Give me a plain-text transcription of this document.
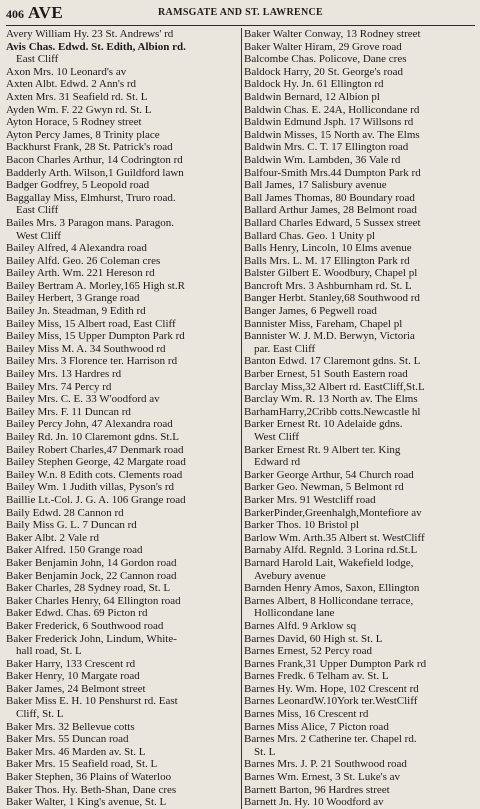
406 AVE	RAMSGATE AND ST. LAWRENCE
Avery William Hy. 23 St. Andrews' rd
Avis Chas. Edwd. St. Edith, Albion rd.
East Cliff
Axon Mrs. 10 Leonard's av
Axten Albt. Edwd. 2 Ann's rd
Axten Mrs. 31 Seafield rd. St. L
Ayden Wm. F. 22 Gwyn rd. St. L
Ayton Horace, 5 Rodney street
Ayton Percy James, 8 Trinity place
Backhurst Frank, 28 St. Patrick's road
Bacon Charles Arthur, 14 Codrington rd
Badderly Arth. Wilson,1 Guildford lawn
Badger Godfrey, 5 Leopold road
Baggallay Miss, Elmhurst, Truro road.
East Cliff
Bailes Mrs. 3 Paragon mans. Paragon.
West Cliff
Bailey Alfred, 4 Alexandra road
Bailey Alfd. Geo. 26 Coleman cres
Bailey Arth. Wm. 221 Hereson rd
Bailey Bertram A. Morley,165 High st.R
Bailey Herbert, 3 Grange road
Bailey Jn. Steadman, 9 Edith rd
Bailey Miss, 15 Albert road, East Cliff
Bailey Miss, 15 Upper Dumpton Park rd
Bailey Miss M. A. 34 Southwood rd
Bailey Mrs. 3 Florence ter. Harrison rd
Bailey Mrs. 13 Hardres rd
Bailey Mrs. 74 Percy rd
Bailey Mrs. C. E. 33 W'oodford av
Bailey Mrs. F. 11 Duncan rd
Bailey Percy John, 47 Alexandra road
Bailey Rd. Jn. 10 Claremont gdns. St.L
Bailey Robert Charles,47 Denmark road
Bailey Stephen George, 42 Margate road
Bailey W.n. 8 Edith cots. Clements road
Bailey Wm. 1 Judith villas, Pyson's rd
Baillie Lt.-Col. J. G. A. 106 Grange road
Baily Edwd. 28 Cannon rd
Baily Miss G. L. 7 Duncan rd
Baker Albt. 2 Vale rd
Baker Alfred. 150 Grange road
Baker Benjamin John, 14 Gordon road
Baker Benjamin Jock, 22 Cannon road
Baker Charles, 28 Sydney road, St. L
Baker Charles Henry, 64 Ellington road
Baker Edwd. Chas. 69 Picton rd
Baker Frederick, 6 Southwood road
Baker Frederick John, Lindum, White-
hall road, St. L
Baker Harry, 133 Crescent rd
Baker Henry, 10 Margate road
Baker James, 24 Belmont street
Baker Miss E. H. 10 Penshurst rd. East
Cliff, St. L
Baker Mrs. 32 Bellevue cotts
Baker Mrs. 55 Duncan road
Baker Mrs. 46 Marden av. St. L
Baker Mrs. 15 Seafield road, St. L
Baker Stephen, 36 Plains of Waterloo
Baker Thos. Hy. Beth-Shan, Dane cres
Baker Walter, 1 King's avenue, St. L
Baker Walter Conway, 13 Rodney street
Baker Walter Hiram, 29 Grove road
Balcombe Chas. Policove, Dane cres
Baldock Harry, 20 St. George's road
Baldock Hy. Jn. 61 Ellington rd
Baldwin Bernard, 12 Albion pl
Baldwin Chas. E. 24A, Hollicondane rd
Baldwin Edmund Jsph. 17 Willsons rd
Baldwin Misses, 15 North av. The Elms
Baldwin Mrs. C. T. 17 Ellington road
Baldwin Wm. Lambden, 36 Vale rd
Balfour-Smith Mrs.44 Dumpton Park rd
Ball James, 17 Salisbury avenue
Ball James Thomas, 80 Boundary road
Ballard Arthur James, 28 Belmont road
Ballard Charles Edward, 5 Sussex street
Ballard Chas. Geo. 1 Unity pl
Balls Henry, Lincoln, 10 Elms avenue
Balls Mrs. L. M. 17 Ellington Park rd
Balster Gilbert E. Woodbury, Chapel pl
Bancroft Mrs. 3 Ashburnham rd. St. L
Banger Herbt. Stanley,68 Southwood rd
Banger James, 6 Pegwell road
Bannister Miss, Fareham, Chapel pl
Bannister W. J. M.D. Berwyn, Victoria
par. East Cliff
Banton Edwd. 17 Claremont gdns. St. L
Barber Ernest, 51 South Eastern road
Barclay Miss,32 Albert rd. EastCliff,St.L
Barclay Wm. R. 13 North av. The Elms
BarhamHarry,2Cribb cotts.Newcastle hl
Barker Ernest Rt. 10 Adelaide gdns.
West Cliff
Barker Ernest Rt. 9 Albert ter. King
Edward rd
Barker George Arthur, 54 Church road
Barker Geo. Newman, 5 Belmont rd
Barker Mrs. 91 Westcliff road
BarkerPinder,Greenhalgh,Montefiore av
Barker Thos. 10 Bristol pl
Barlow Wm. Arth.35 Albert st. WestCliff
Barnaby Alfd. Regnld. 3 Lorina rd.St.L
Barnard Harold Lait, Wakefield lodge,
Avebury avenue
Barnden Henry Amos, Saxon, Ellington
Barnes Albert, 8 Hollicondane terrace,
Hollicondane lane
Barnes Alfd. 9 Arklow sq
Barnes David, 60 High st. St. L
Barnes Ernest, 52 Percy road
Barnes Frank,31 Upper Dumpton Park rd
Barnes Fredk. 6 Telham av. St. L
Barnes Hy. Wm. Hope, 102 Crescent rd
Barnes LeonardW.10York ter.WestCliff
Barnes Miss, 16 Crescent rd
Barnes Miss Alice, 7 Picton road
Barnes Mrs. 2 Catherine ter. Chapel rd.
St. L
Barnes Mrs. J. P. 21 Southwood road
Barnes Wm. Ernest, 3 St. Luke's av
Barnett Barton, 96 Hardres street
Barnett Jn. Hy. 10 Woodford av
